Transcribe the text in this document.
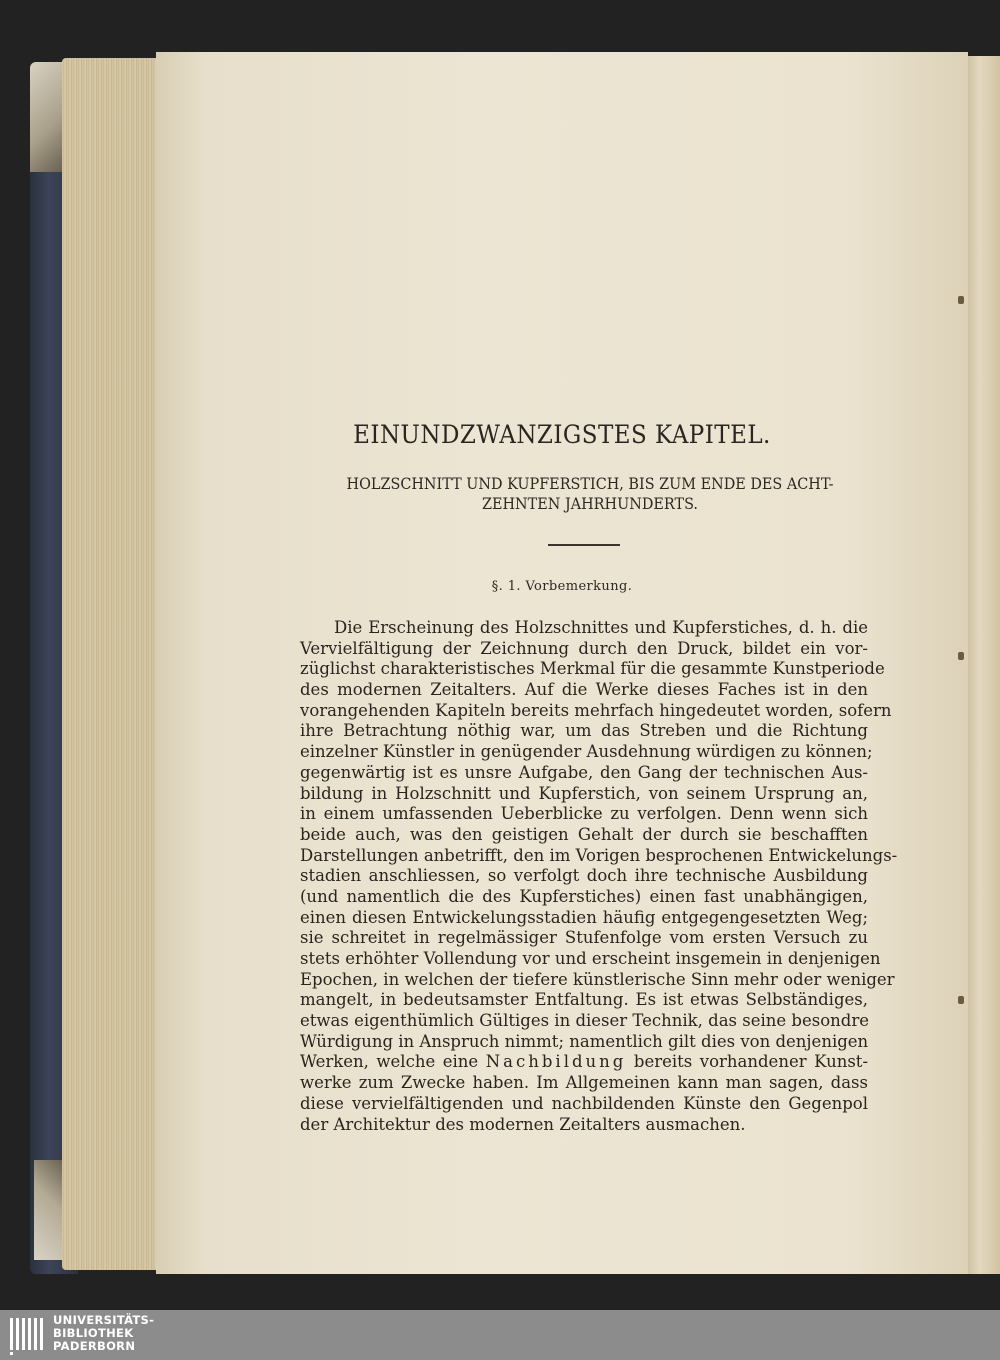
EINUNDZWANZIGSTES KAPITEL.
HOLZSCHNITT UND KUPFERSTICH, BIS ZUM ENDE DES ACHT-
ZEHNTEN JAHRHUNDERTS.
§. 1. Vorbemerkung.
Die Erscheinung des Holzschnittes und Kupferstiches, d. h. die
Vervielfältigung der Zeichnung durch den Druck, bildet ein vor-
züglichst charakteristisches Merkmal für die gesammte Kunstperiode
des modernen Zeitalters. Auf die Werke dieses Faches ist in den
vorangehenden Kapiteln bereits mehrfach hingedeutet worden, sofern
ihre Betrachtung nöthig war, um das Streben und die Richtung
einzelner Künstler in genügender Ausdehnung würdigen zu können;
gegenwärtig ist es unsre Aufgabe, den Gang der technischen Aus-
bildung in Holzschnitt und Kupferstich, von seinem Ursprung an,
in einem umfassenden Ueberblicke zu verfolgen. Denn wenn sich
beide auch, was den geistigen Gehalt der durch sie beschafften
Darstellungen anbetrifft, den im Vorigen besprochenen Entwickelungs-
stadien anschliessen, so verfolgt doch ihre technische Ausbildung
(und namentlich die des Kupferstiches) einen fast unabhängigen,
einen diesen Entwickelungsstadien häufig entgegengesetzten Weg;
sie schreitet in regelmässiger Stufenfolge vom ersten Versuch zu
stets erhöhter Vollendung vor und erscheint insgemein in denjenigen
Epochen, in welchen der tiefere künstlerische Sinn mehr oder weniger
mangelt, in bedeutsamster Entfaltung. Es ist etwas Selbständiges,
etwas eigenthümlich Gültiges in dieser Technik, das seine besondre
Würdigung in Anspruch nimmt; namentlich gilt dies von denjenigen
Werken, welche eine Nachbildung bereits vorhandener Kunst-
werke zum Zwecke haben. Im Allgemeinen kann man sagen, dass
diese vervielfältigenden und nachbildenden Künste den Gegenpol
der Architektur des modernen Zeitalters ausmachen.
UNIVERSITÄTS-
BIBLIOTHEK
PADERBORN
